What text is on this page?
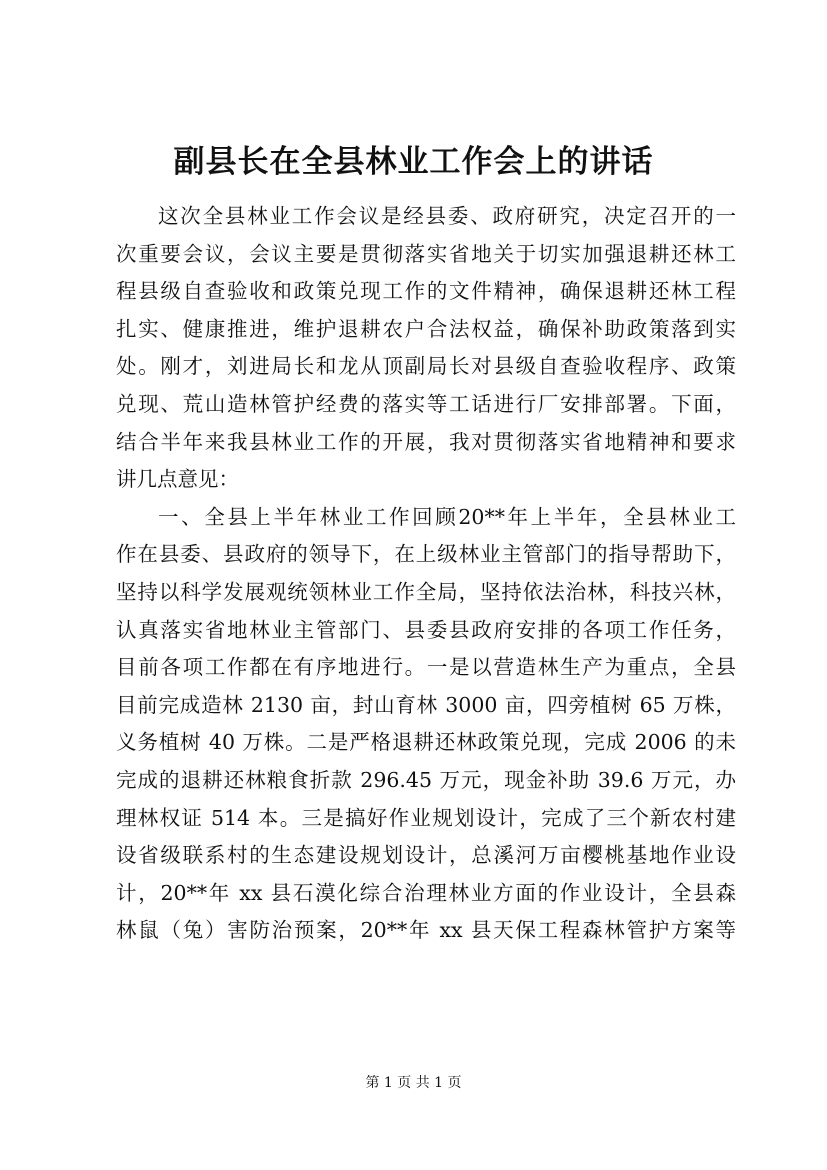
副县长在全县林业工作会上的讲话
这次全县林业工作会议是经县委、政府研究，决定召开的一
次重要会议，会议主要是贯彻落实省地关于切实加强退耕还林工
程县级自查验收和政策兑现工作的文件精神，确保退耕还林工程
扎实、健康推进，维护退耕农户合法权益，确保补助政策落到实
处。刚才，刘进局长和龙从顶副局长对县级自查验收程序、政策
兑现、荒山造林管护经费的落实等工话进行厂安排部署。下面，
结合半年来我县林业工作的开展，我对贯彻落实省地精神和要求
讲几点意见：
一、全县上半年林业工作回顾20**年上半年，全县林业工
作在县委、县政府的领导下，在上级林业主管部门的指导帮助下，
坚持以科学发展观统领林业工作全局，坚持依法治林，科技兴林，
认真落实省地林业主管部门、县委县政府安排的各项工作任务，
目前各项工作都在有序地进行。一是以营造林生产为重点，全县
目前完成造林 2130 亩，封山育林 3000 亩，四旁植树 65 万株，
义务植树 40 万株。二是严格退耕还林政策兑现，完成 2006 的未
完成的退耕还林粮食折款 296.45 万元，现金补助 39.6 万元，办
理林权证 514 本。三是搞好作业规划设计，完成了三个新农村建
设省级联系村的生态建设规划设计，总溪河万亩樱桃基地作业设
计，20**年 xx 县石漠化综合治理林业方面的作业设计，全县森
林鼠（兔）害防治预案，20**年 xx 县天保工程森林管护方案等
第 1 页 共 1 页
